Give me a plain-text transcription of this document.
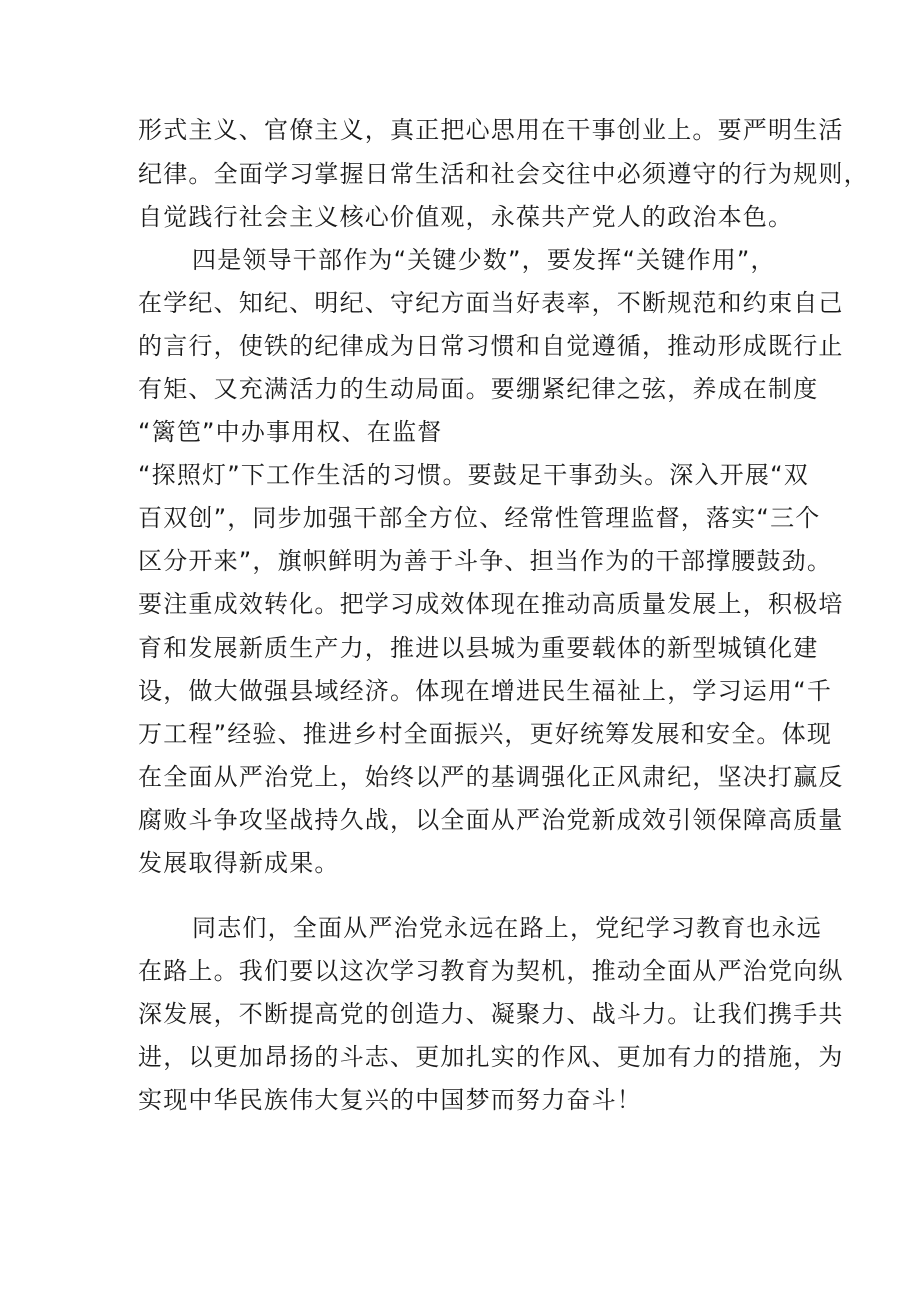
形式主义、官僚主义，真正把心思用在干事创业上。要严明生活
纪律。全面学习掌握日常生活和社会交往中必须遵守的行为规则，
自觉践行社会主义核心价值观，永葆共产党人的政治本色。
四是领导干部作为“关键少数”，要发挥“关键作用”，
在学纪、知纪、明纪、守纪方面当好表率，不断规范和约束自己
的言行，使铁的纪律成为日常习惯和自觉遵循，推动形成既行止
有矩、又充满活力的生动局面。要绷紧纪律之弦，养成在制度
“篱笆”中办事用权、在监督
“探照灯”下工作生活的习惯。要鼓足干事劲头。深入开展“双
百双创”，同步加强干部全方位、经常性管理监督，落实“三个
区分开来”，旗帜鲜明为善于斗争、担当作为的干部撑腰鼓劲。
要注重成效转化。把学习成效体现在推动高质量发展上，积极培
育和发展新质生产力，推进以县城为重要载体的新型城镇化建
设，做大做强县域经济。体现在增进民生福祉上，学习运用“千
万工程”经验、推进乡村全面振兴，更好统筹发展和安全。体现
在全面从严治党上，始终以严的基调强化正风肃纪，坚决打赢反
腐败斗争攻坚战持久战，以全面从严治党新成效引领保障高质量
发展取得新成果。
同志们，全面从严治党永远在路上，党纪学习教育也永远
在路上。我们要以这次学习教育为契机，推动全面从严治党向纵
深发展，不断提高党的创造力、凝聚力、战斗力。让我们携手共
进，以更加昂扬的斗志、更加扎实的作风、更加有力的措施，为
实现中华民族伟大复兴的中国梦而努力奋斗！
